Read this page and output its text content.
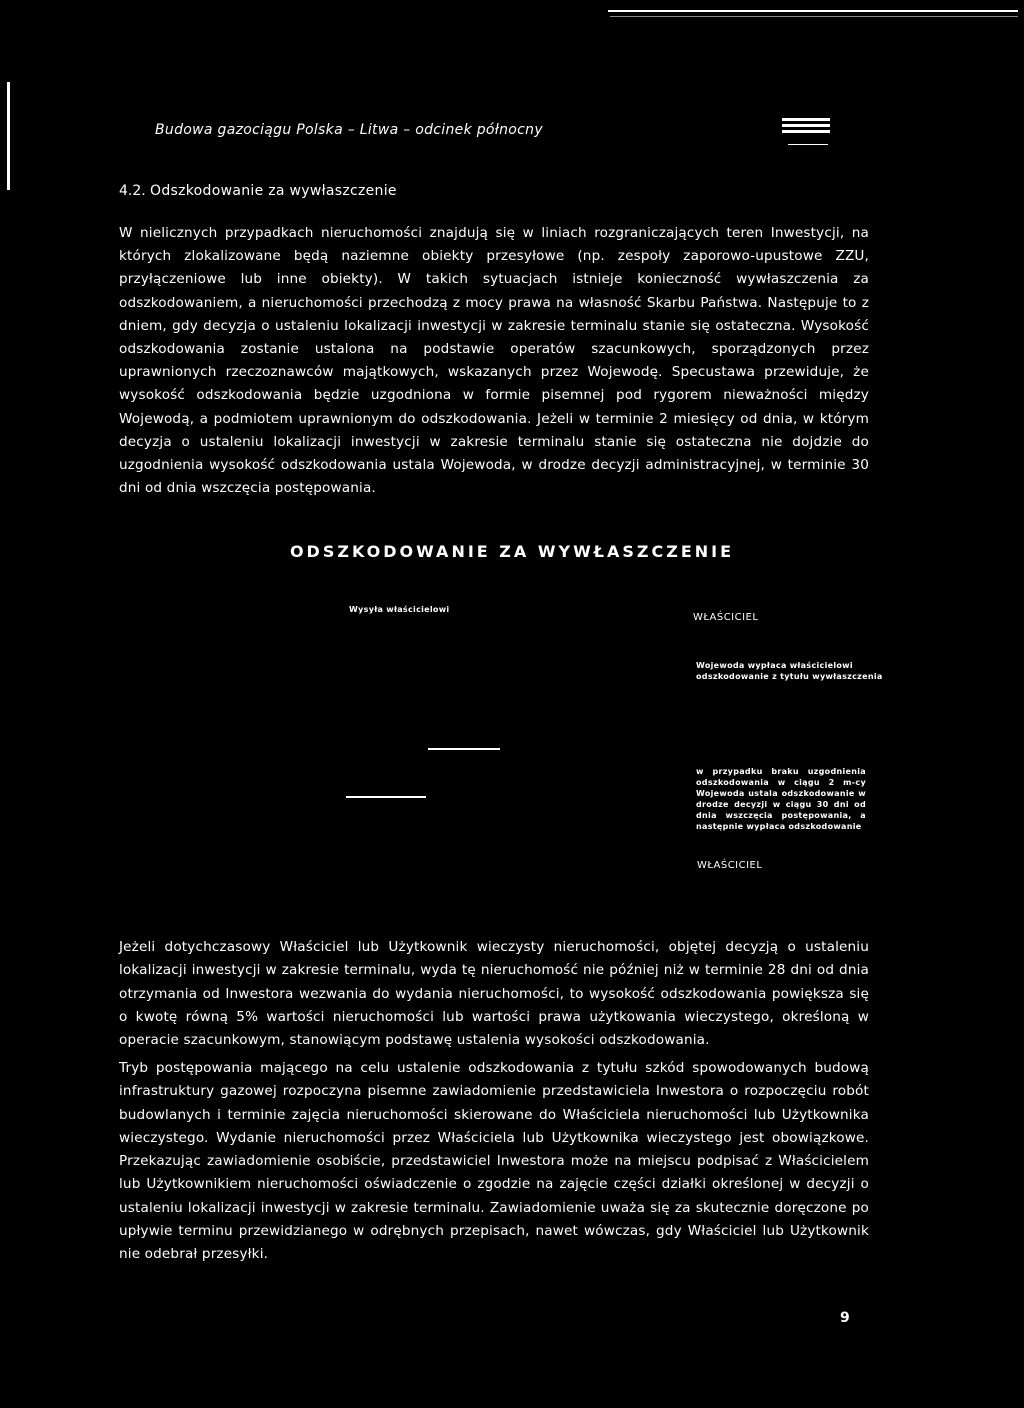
Budowa gazociągu Polska – Litwa – odcinek północny
4.2. Odszkodowanie za wywłaszczenie
W nielicznych przypadkach nieruchomości znajdują się w liniach rozgraniczających teren Inwestycji, na których zlokalizowane będą naziemne obiekty przesyłowe (np. zespoły zaporowo-upustowe ZZU, przyłączeniowe lub inne obiekty). W takich sytuacjach istnieje konieczność wywłaszczenia za odszkodowaniem, a nieruchomości przechodzą z mocy prawa na własność Skarbu Państwa. Następuje to z dniem, gdy decyzja o ustaleniu lokalizacji inwestycji w zakresie terminalu stanie się ostateczna. Wysokość odszkodowania zostanie ustalona na podstawie operatów szacunkowych, sporządzonych przez uprawnionych rzeczoznawców majątkowych, wskazanych przez Wojewodę. Specustawa przewiduje, że wysokość odszkodowania będzie uzgodniona w formie pisemnej pod rygorem nieważności między Wojewodą, a podmiotem uprawnionym do odszkodowania. Jeżeli w terminie 2 miesięcy od dnia, w którym decyzja o ustaleniu lokalizacji inwestycji w zakresie terminalu stanie się ostateczna nie dojdzie do uzgodnienia wysokość odszkodowania ustala Wojewoda, w drodze decyzji administracyjnej, w terminie 30 dni od dnia wszczęcia postępowania.
ODSZKODOWANIE ZA WYWŁASZCZENIE
Wysyła właścicielowi
WŁAŚCICIEL
Wojewoda wypłaca właścicielowi odszkodowanie z tytułu wywłaszczenia
w przypadku braku uzgodnienia odszkodowania w ciągu 2 m-cy Wojewoda ustala odszkodowanie w drodze decyzji w ciągu 30 dni od dnia wszczęcia postępowania, a następnie wypłaca odszkodowanie
WŁAŚCICIEL
Jeżeli dotychczasowy Właściciel lub Użytkownik wieczysty nieruchomości, objętej decyzją o ustaleniu lokalizacji inwestycji w zakresie terminalu, wyda tę nieruchomość nie później niż w terminie 28 dni od dnia otrzymania od Inwestora wezwania do wydania nieruchomości, to wysokość odszkodowania powiększa się o kwotę równą 5% wartości nieruchomości lub wartości prawa użytkowania wieczystego, określoną w operacie szacunkowym, stanowiącym podstawę ustalenia wysokości odszkodowania.
Tryb postępowania mającego na celu ustalenie odszkodowania z tytułu szkód spowodowanych budową infrastruktury gazowej rozpoczyna pisemne zawiadomienie przedstawiciela Inwestora o rozpoczęciu robót budowlanych i terminie zajęcia nieruchomości skierowane do Właściciela nieruchomości lub Użytkownika wieczystego. Wydanie nieruchomości przez Właściciela lub Użytkownika wieczystego jest obowiązkowe. Przekazując zawiadomienie osobiście, przedstawiciel Inwestora może na miejscu podpisać z Właścicielem lub Użytkownikiem nieruchomości oświadczenie o zgodzie na zajęcie części działki określonej w decyzji o ustaleniu lokalizacji inwestycji w zakresie terminalu. Zawiadomienie uważa się za skutecznie doręczone po upływie terminu przewidzianego w odrębnych przepisach, nawet wówczas, gdy Właściciel lub Użytkownik nie odebrał przesyłki.
9
